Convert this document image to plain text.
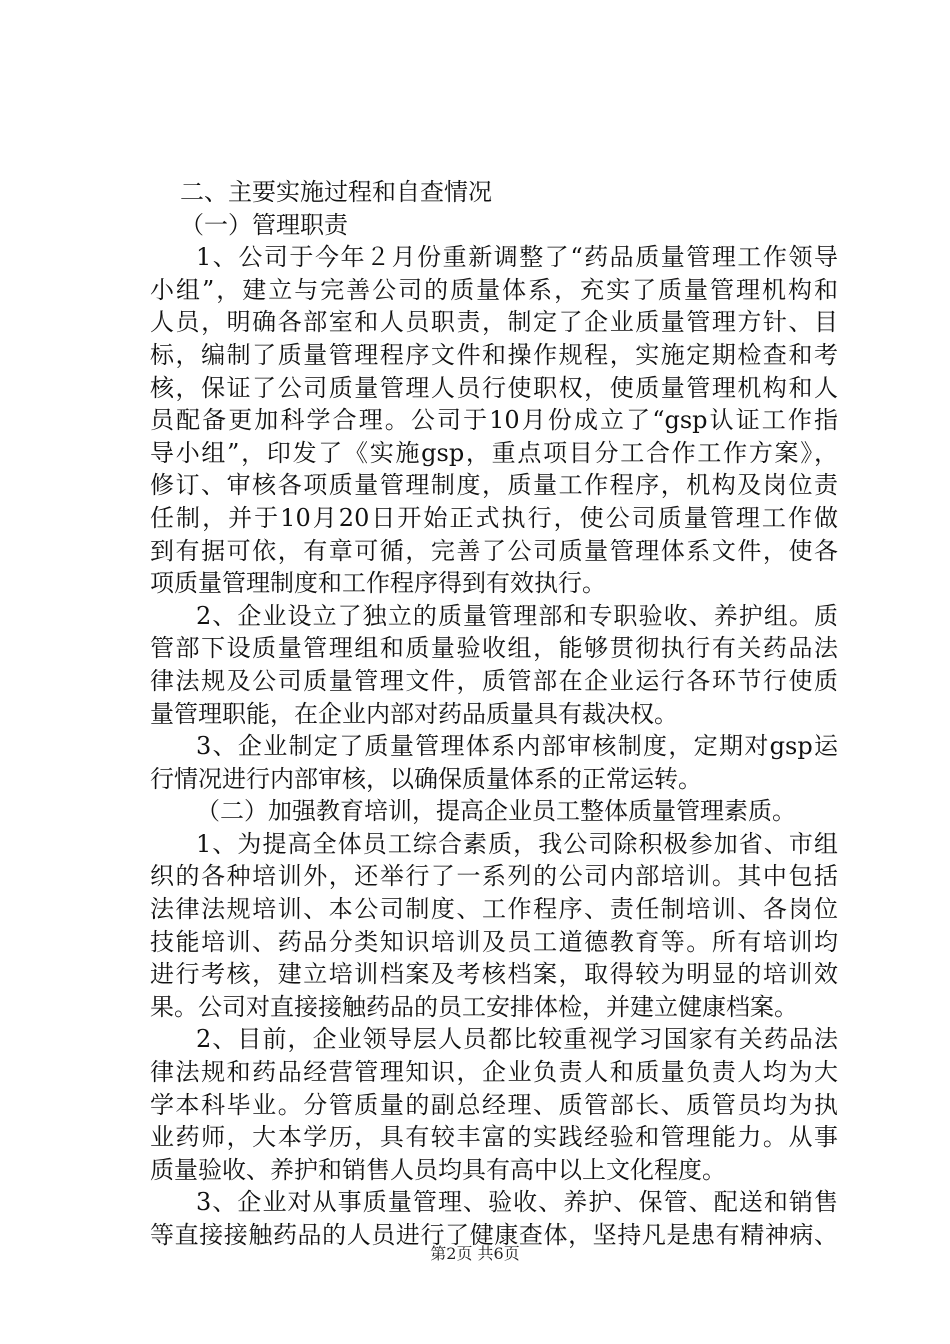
二、主要实施过程和自查情况
（一）管理职责
1、公司于今年２月份重新调整了“药品质量管理工作领导
小组”，建立与完善公司的质量体系，充实了质量管理机构和
人员，明确各部室和人员职责，制定了企业质量管理方针、目
标，编制了质量管理程序文件和操作规程，实施定期检查和考
核，保证了公司质量管理人员行使职权，使质量管理机构和人
员配备更加科学合理。公司于10月份成立了“gsp认证工作指
导小组”，印发了《实施gsp，重点项目分工合作工作方案》，
修订、审核各项质量管理制度，质量工作程序，机构及岗位责
任制，并于10月20日开始正式执行，使公司质量管理工作做
到有据可依，有章可循，完善了公司质量管理体系文件，使各
项质量管理制度和工作程序得到有效执行。
2、企业设立了独立的质量管理部和专职验收、养护组。质
管部下设质量管理组和质量验收组，能够贯彻执行有关药品法
律法规及公司质量管理文件，质管部在企业运行各环节行使质
量管理职能，在企业内部对药品质量具有裁决权。
3、企业制定了质量管理体系内部审核制度，定期对gsp运
行情况进行内部审核，以确保质量体系的正常运转。
（二）加强教育培训，提高企业员工整体质量管理素质。
1、为提高全体员工综合素质，我公司除积极参加省、市组
织的各种培训外，还举行了一系列的公司内部培训。其中包括
法律法规培训、本公司制度、工作程序、责任制培训、各岗位
技能培训、药品分类知识培训及员工道德教育等。所有培训均
进行考核，建立培训档案及考核档案，取得较为明显的培训效
果。公司对直接接触药品的员工安排体检，并建立健康档案。
2、目前，企业领导层人员都比较重视学习国家有关药品法
律法规和药品经营管理知识，企业负责人和质量负责人均为大
学本科毕业。分管质量的副总经理、质管部长、质管员均为执
业药师，大本学历，具有较丰富的实践经验和管理能力。从事
质量验收、养护和销售人员均具有高中以上文化程度。
3、企业对从事质量管理、验收、养护、保管、配送和销售
等直接接触药品的人员进行了健康查体，坚持凡是患有精神病、
第2页 共6页
